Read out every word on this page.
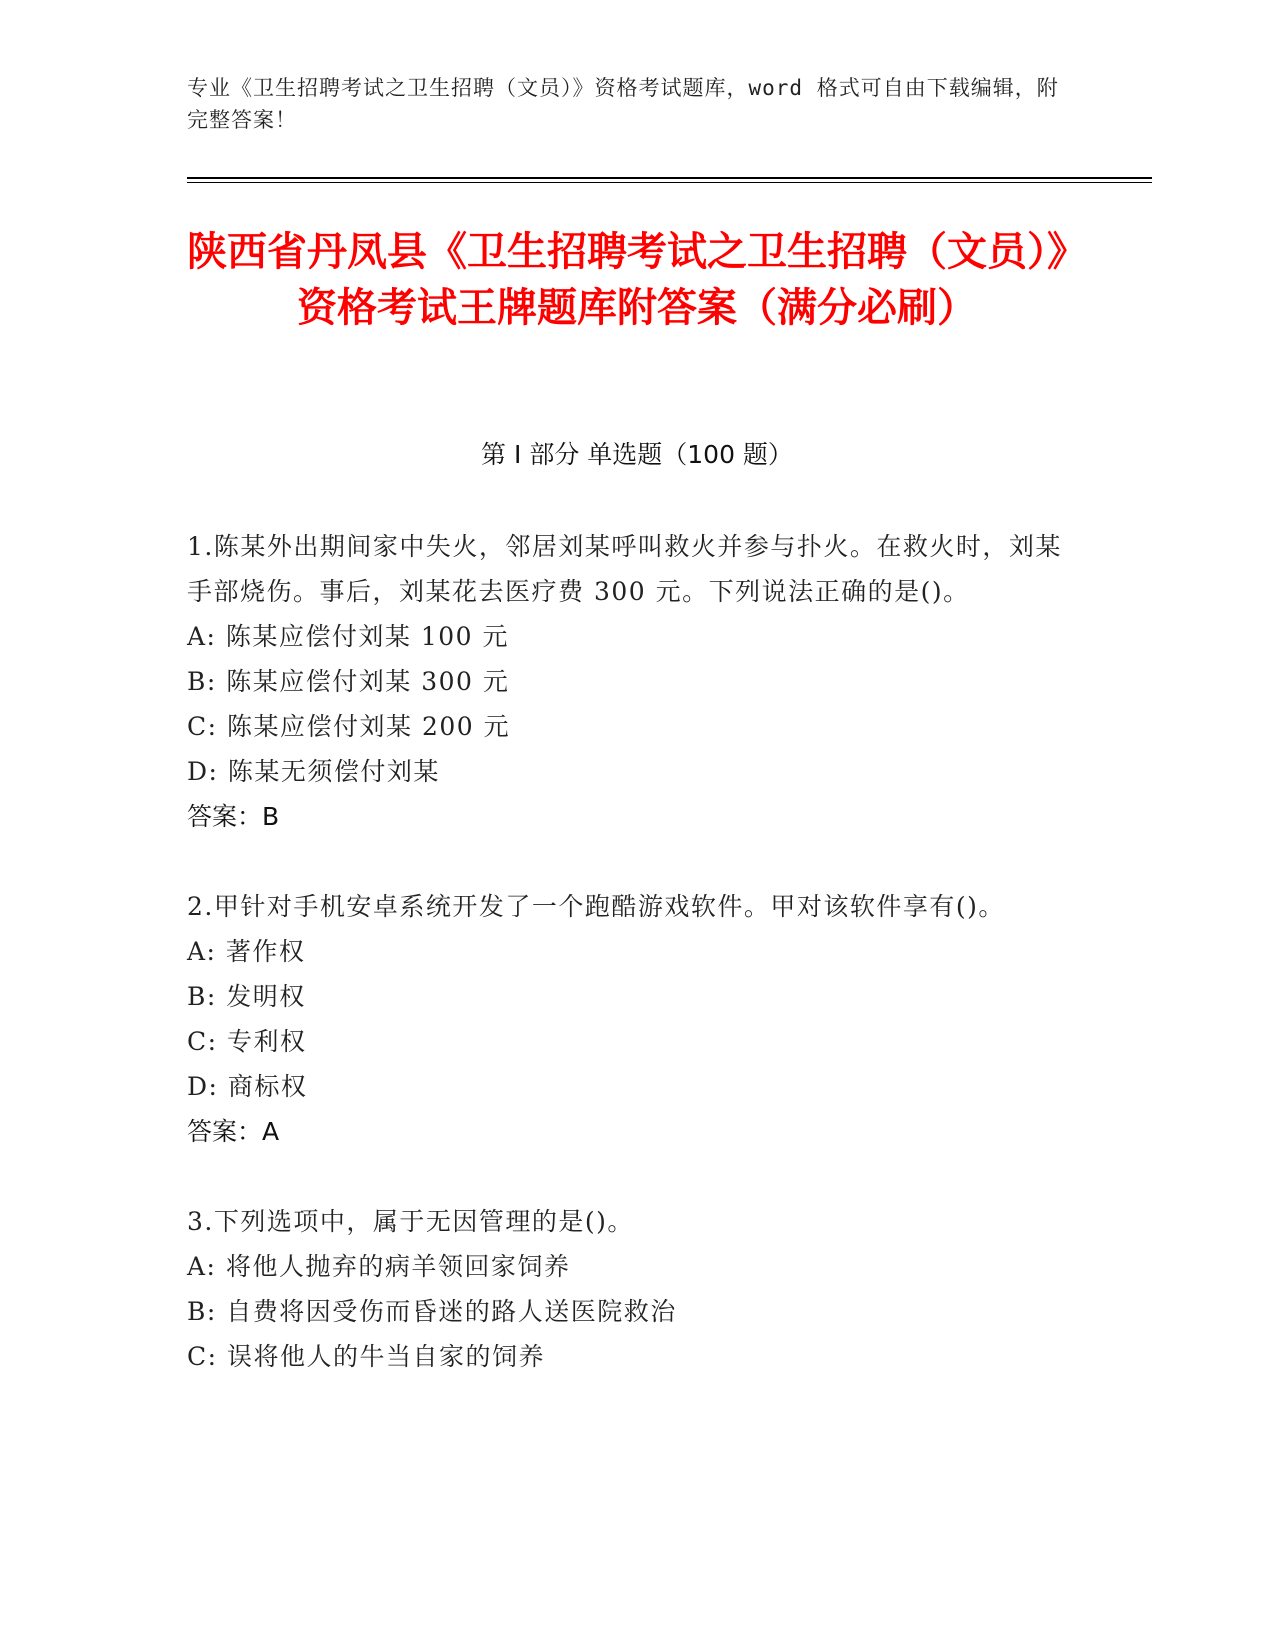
专业《卫生招聘考试之卫生招聘（文员）》资格考试题库，word 格式可自由下载编辑，附完整答案！
陕西省丹凤县《卫生招聘考试之卫生招聘（文员）》资格考试王牌题库附答案（满分必刷）
第 I 部分 单选题（100 题）
1.陈某外出期间家中失火，邻居刘某呼叫救火并参与扑火。在救火时，刘某手部烧伤。事后，刘某花去医疗费 300 元。下列说法正确的是()。
A: 陈某应偿付刘某 100 元
B: 陈某应偿付刘某 300 元
C: 陈某应偿付刘某 200 元
D: 陈某无须偿付刘某
答案：B
2.甲针对手机安卓系统开发了一个跑酷游戏软件。甲对该软件享有()。
A: 著作权
B: 发明权
C: 专利权
D: 商标权
答案：A
3.下列选项中，属于无因管理的是()。
A: 将他人抛弃的病羊领回家饲养
B: 自费将因受伤而昏迷的路人送医院救治
C: 误将他人的牛当自家的饲养
